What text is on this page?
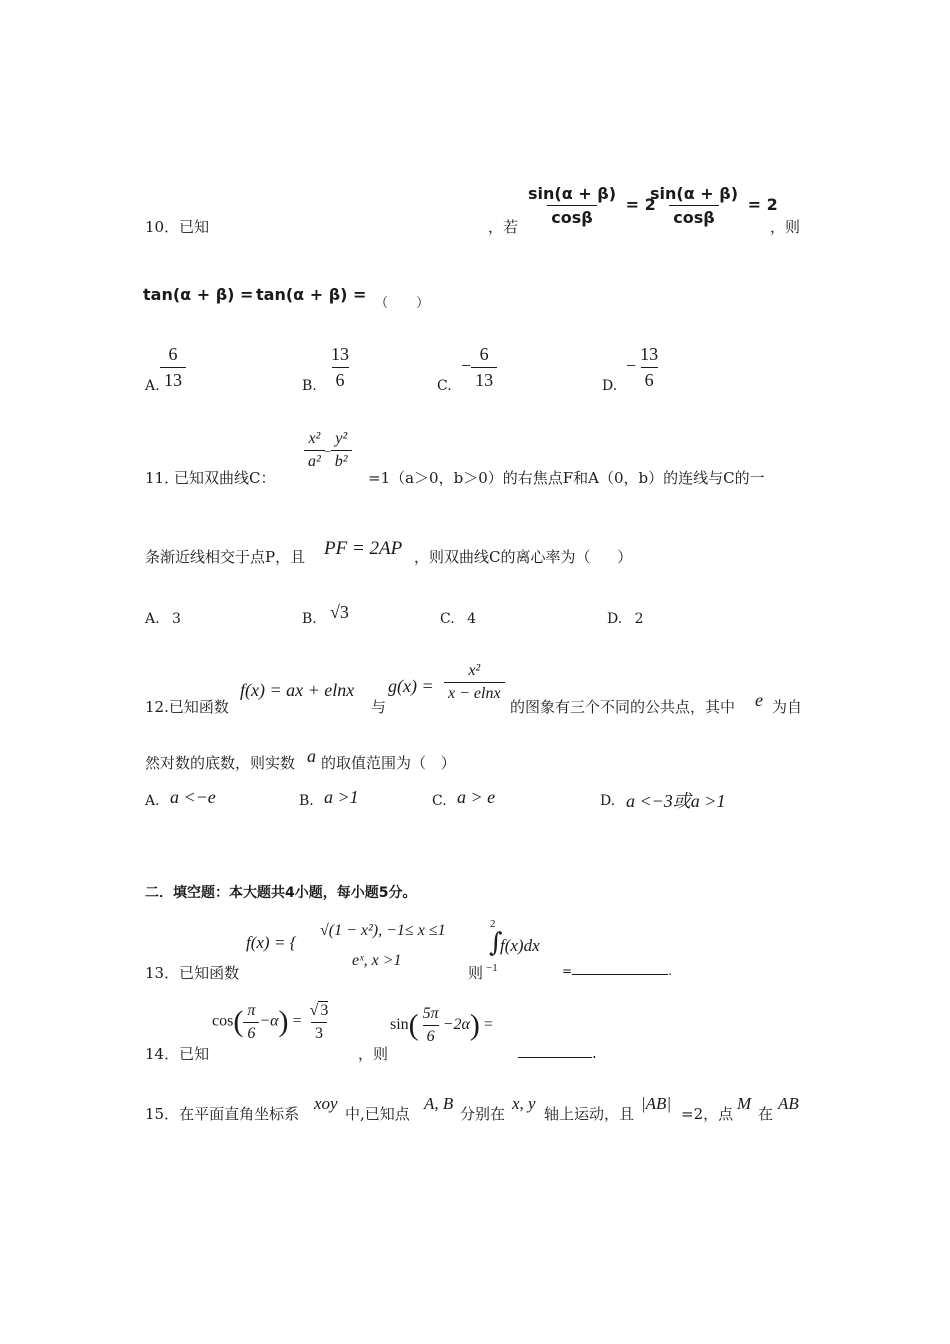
10．已知	，若 $\frac{\sin(\alpha + \beta)}{\cos\beta} = 2$
$\frac{\sin(\alpha + \beta)}{\cos\beta} = 2$
，则
tan(α + β) = tan(α + β) = （ ）
A. $\frac{6}{13}$	B. $\frac{13}{6}$	C.
− $\frac{6}{13}$	D.
− $\frac{13}{6}$
11．
已知双曲线C：
$\frac{\text{x²}}{\text{a²}} - \frac{\text{y²}}{\text{b²}}$
=1（a＞0，b＞0）的右焦点F和A（0，b）的连线与C的一
条渐近线相交于点P，且 PF = 2AP ，则双曲线C的离心率为（ ）
A. 3	B. √3	C. 4	D. 2
12.已知函数
f(x) = ax + elnx
与
$g(x) = \frac{\text{x²}}{x - elnx}$
的图象有三个不同的公共点，其中 e 为自
然对数的底数，则实数 a 的取值范围为（ ）
A. a <−e	B. a >1	C. a > e	D. a <−3或a >1
二．填空题：本大题共4小题，每小题5分。
13．已知函数
f(x) = {
√(1 − x²), −1≤ x ≤1
eˣ, x >1
则
2
∫
−1
f(x)dx
=	.
14．已知
$\cos( \frac{\pi}{6} -\alpha) = \frac{√ 3}{3}$
，则
$\sin( \frac{5\pi}{6} -2\alpha)$ =
.
15．在平面直角坐标系
xoy
中,已知点
A, B
分别在
x, y
轴上运动，且
|AB|
=2，点
M
在
AB
